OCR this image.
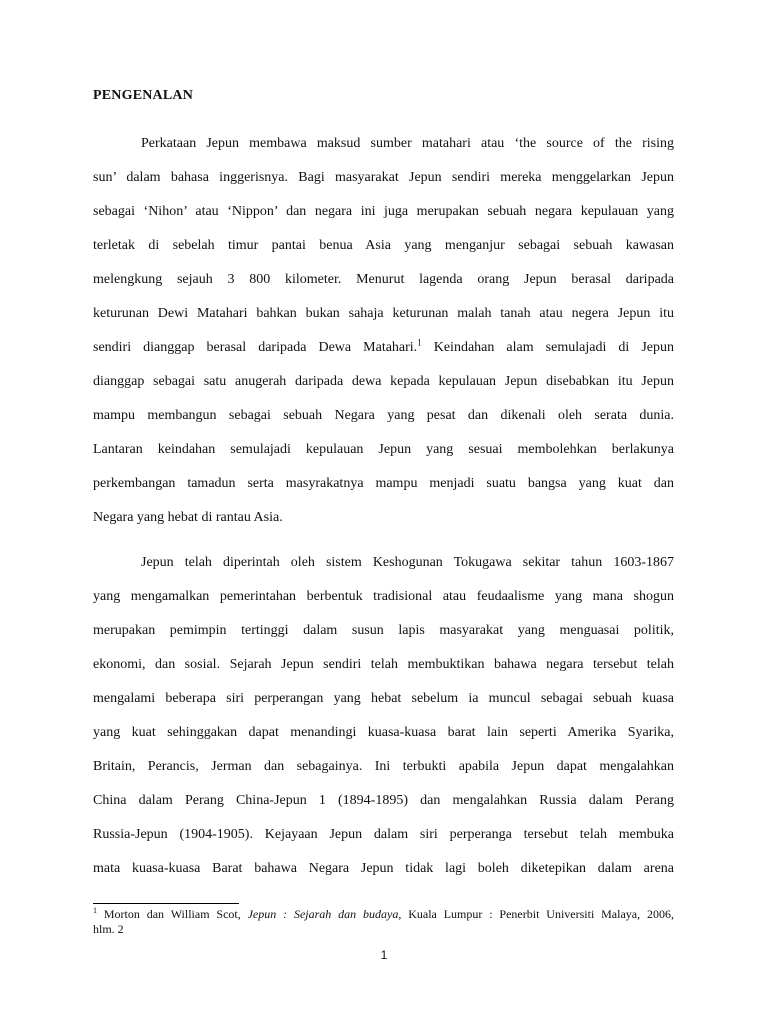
PENGENALAN
Perkataan Jepun membawa maksud sumber matahari atau ‘the source of the rising
sun’ dalam bahasa inggerisnya. Bagi masyarakat Jepun sendiri mereka menggelarkan Jepun
sebagai ‘Nihon’ atau ‘Nippon’ dan negara ini juga merupakan sebuah negara kepulauan yang
terletak di sebelah timur pantai benua Asia yang menganjur sebagai sebuah kawasan
melengkung sejauh 3 800 kilometer. Menurut lagenda orang Jepun berasal daripada
keturunan Dewi Matahari bahkan bukan sahaja keturunan malah tanah atau negera Jepun itu
sendiri dianggap berasal daripada Dewa Matahari.$^1$ Keindahan alam semulajadi di Jepun
dianggap sebagai satu anugerah daripada dewa kepada kepulauan Jepun disebabkan itu Jepun
mampu membangun sebagai sebuah Negara yang pesat dan dikenali oleh serata dunia.
Lantaran keindahan semulajadi kepulauan Jepun yang sesuai membolehkan berlakunya
perkembangan tamadun serta masyrakatnya mampu menjadi suatu bangsa yang kuat dan
Negara yang hebat di rantau Asia.
Jepun telah diperintah oleh sistem Keshogunan Tokugawa sekitar tahun 1603-1867
yang mengamalkan pemerintahan berbentuk tradisional atau feudaalisme yang mana shogun
merupakan pemimpin tertinggi dalam susun lapis masyarakat yang menguasai politik,
ekonomi, dan sosial. Sejarah Jepun sendiri telah membuktikan bahawa negara tersebut telah
mengalami beberapa siri perperangan yang hebat sebelum ia muncul sebagai sebuah kuasa
yang kuat sehinggakan dapat menandingi kuasa-kuasa barat lain seperti Amerika Syarika,
Britain, Perancis, Jerman dan sebagainya. Ini terbukti apabila Jepun dapat mengalahkan
China dalam Perang China-Jepun 1 (1894-1895) dan mengalahkan Russia dalam Perang
Russia-Jepun (1904-1905). Kejayaan Jepun dalam siri perperanga tersebut telah membuka
mata kuasa-kuasa Barat bahawa Negara Jepun tidak lagi boleh diketepikan dalam arena
$^1$ Morton dan William Scot, Jepun : Sejarah dan budaya, Kuala Lumpur : Penerbit Universiti Malaya, 2006,
hlm. 2
1
